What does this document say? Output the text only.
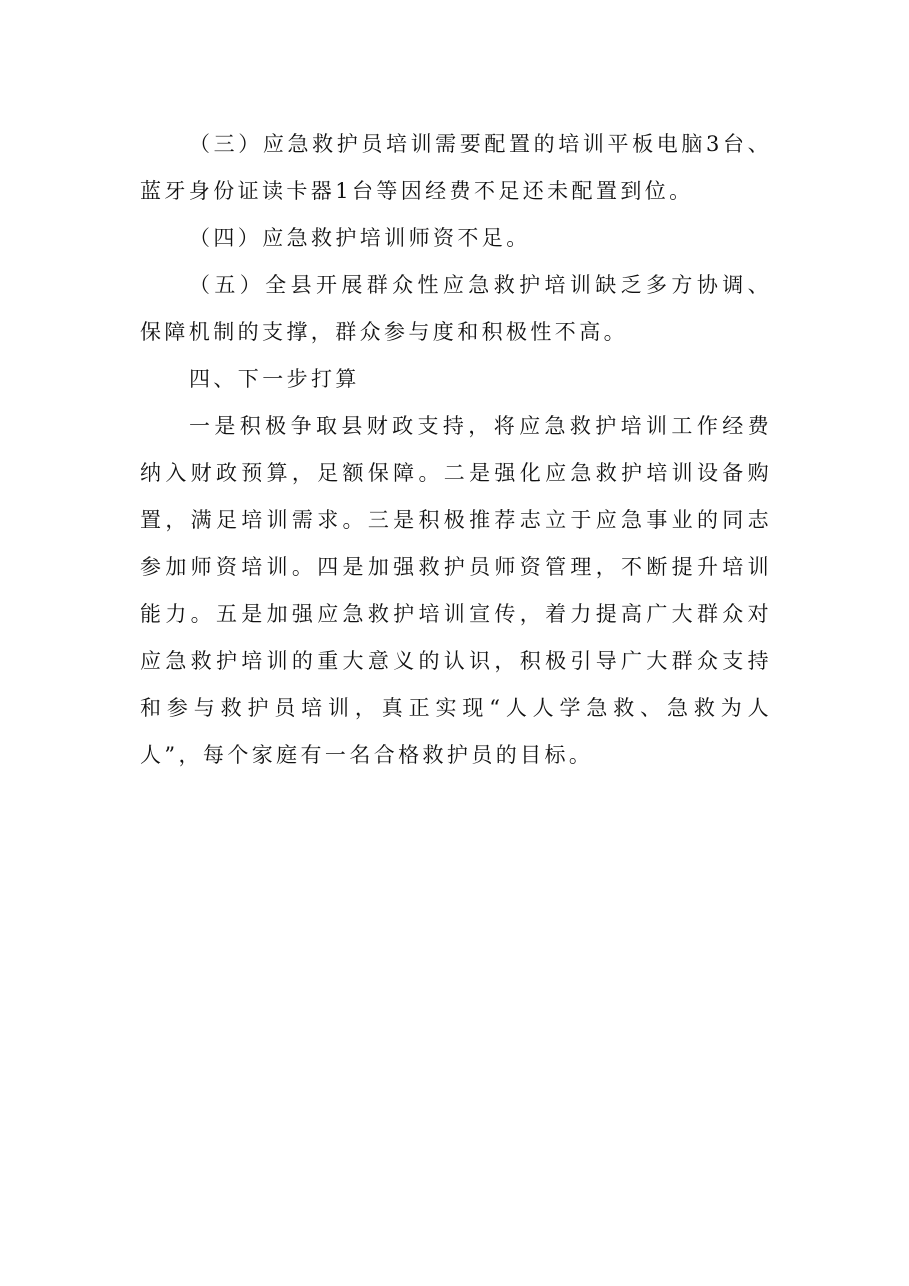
（三）应急救护员培训需要配置的培训平板电脑3台、蓝牙身份证读卡器1台等因经费不足还未配置到位。

（四）应急救护培训师资不足。

（五）全县开展群众性应急救护培训缺乏多方协调、保障机制的支撑，群众参与度和积极性不高。

四、下一步打算

一是积极争取县财政支持，将应急救护培训工作经费纳入财政预算，足额保障。二是强化应急救护培训设备购置，满足培训需求。三是积极推荐志立于应急事业的同志参加师资培训。四是加强救护员师资管理，不断提升培训能力。五是加强应急救护培训宣传，着力提高广大群众对应急救护培训的重大意义的认识，积极引导广大群众支持和参与救护员培训，真正实现“人人学急救、急救为人人”，每个家庭有一名合格救护员的目标。
